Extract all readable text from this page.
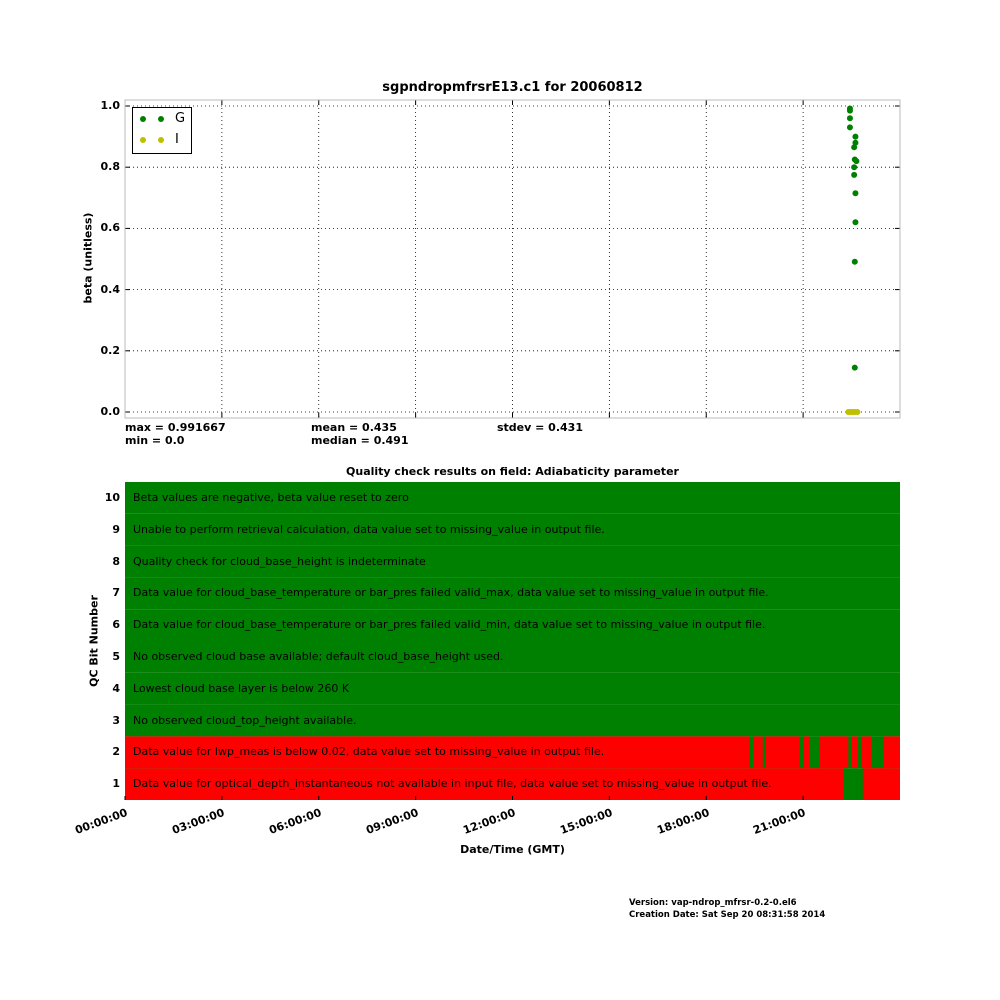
sgpndropmfrsrE13.c1 for 20060812
beta (unitless)
0.0
0.2
0.4
0.6
0.8
1.0
G
I
max = 0.991667
min = 0.0
mean = 0.435
median = 0.491
stdev = 0.431
Quality check results on field: Adiabaticity parameter
Beta values are negative, beta value reset to zero
Unable to perform retrieval calculation, data value set to missing_value in output file.
Quality check for cloud_base_height is indeterminate
Data value for cloud_base_temperature or bar_pres failed valid_max, data value set to missing_value in output file.
Data value for cloud_base_temperature or bar_pres failed valid_min, data value set to missing_value in output file.
No observed cloud base available; default cloud_base_height used.
Lowest cloud base layer is below 260 K
No observed cloud_top_height available.
Data value for lwp_meas is below 0.02, data value set to missing_value in output file.
Data value for optical_depth_instantaneous not available in input file, data value set to missing_value in output file.
10
9
8
7
6
5
4
3
2
1
00:00:00	03:00:00	06:00:00	09:00:00	12:00:00	15:00:00	18:00:00	21:00:00
QC Bit Number
Date/Time (GMT)
Version: vap-ndrop_mfrsr-0.2-0.el6
Creation Date: Sat Sep 20 08:31:58 2014
